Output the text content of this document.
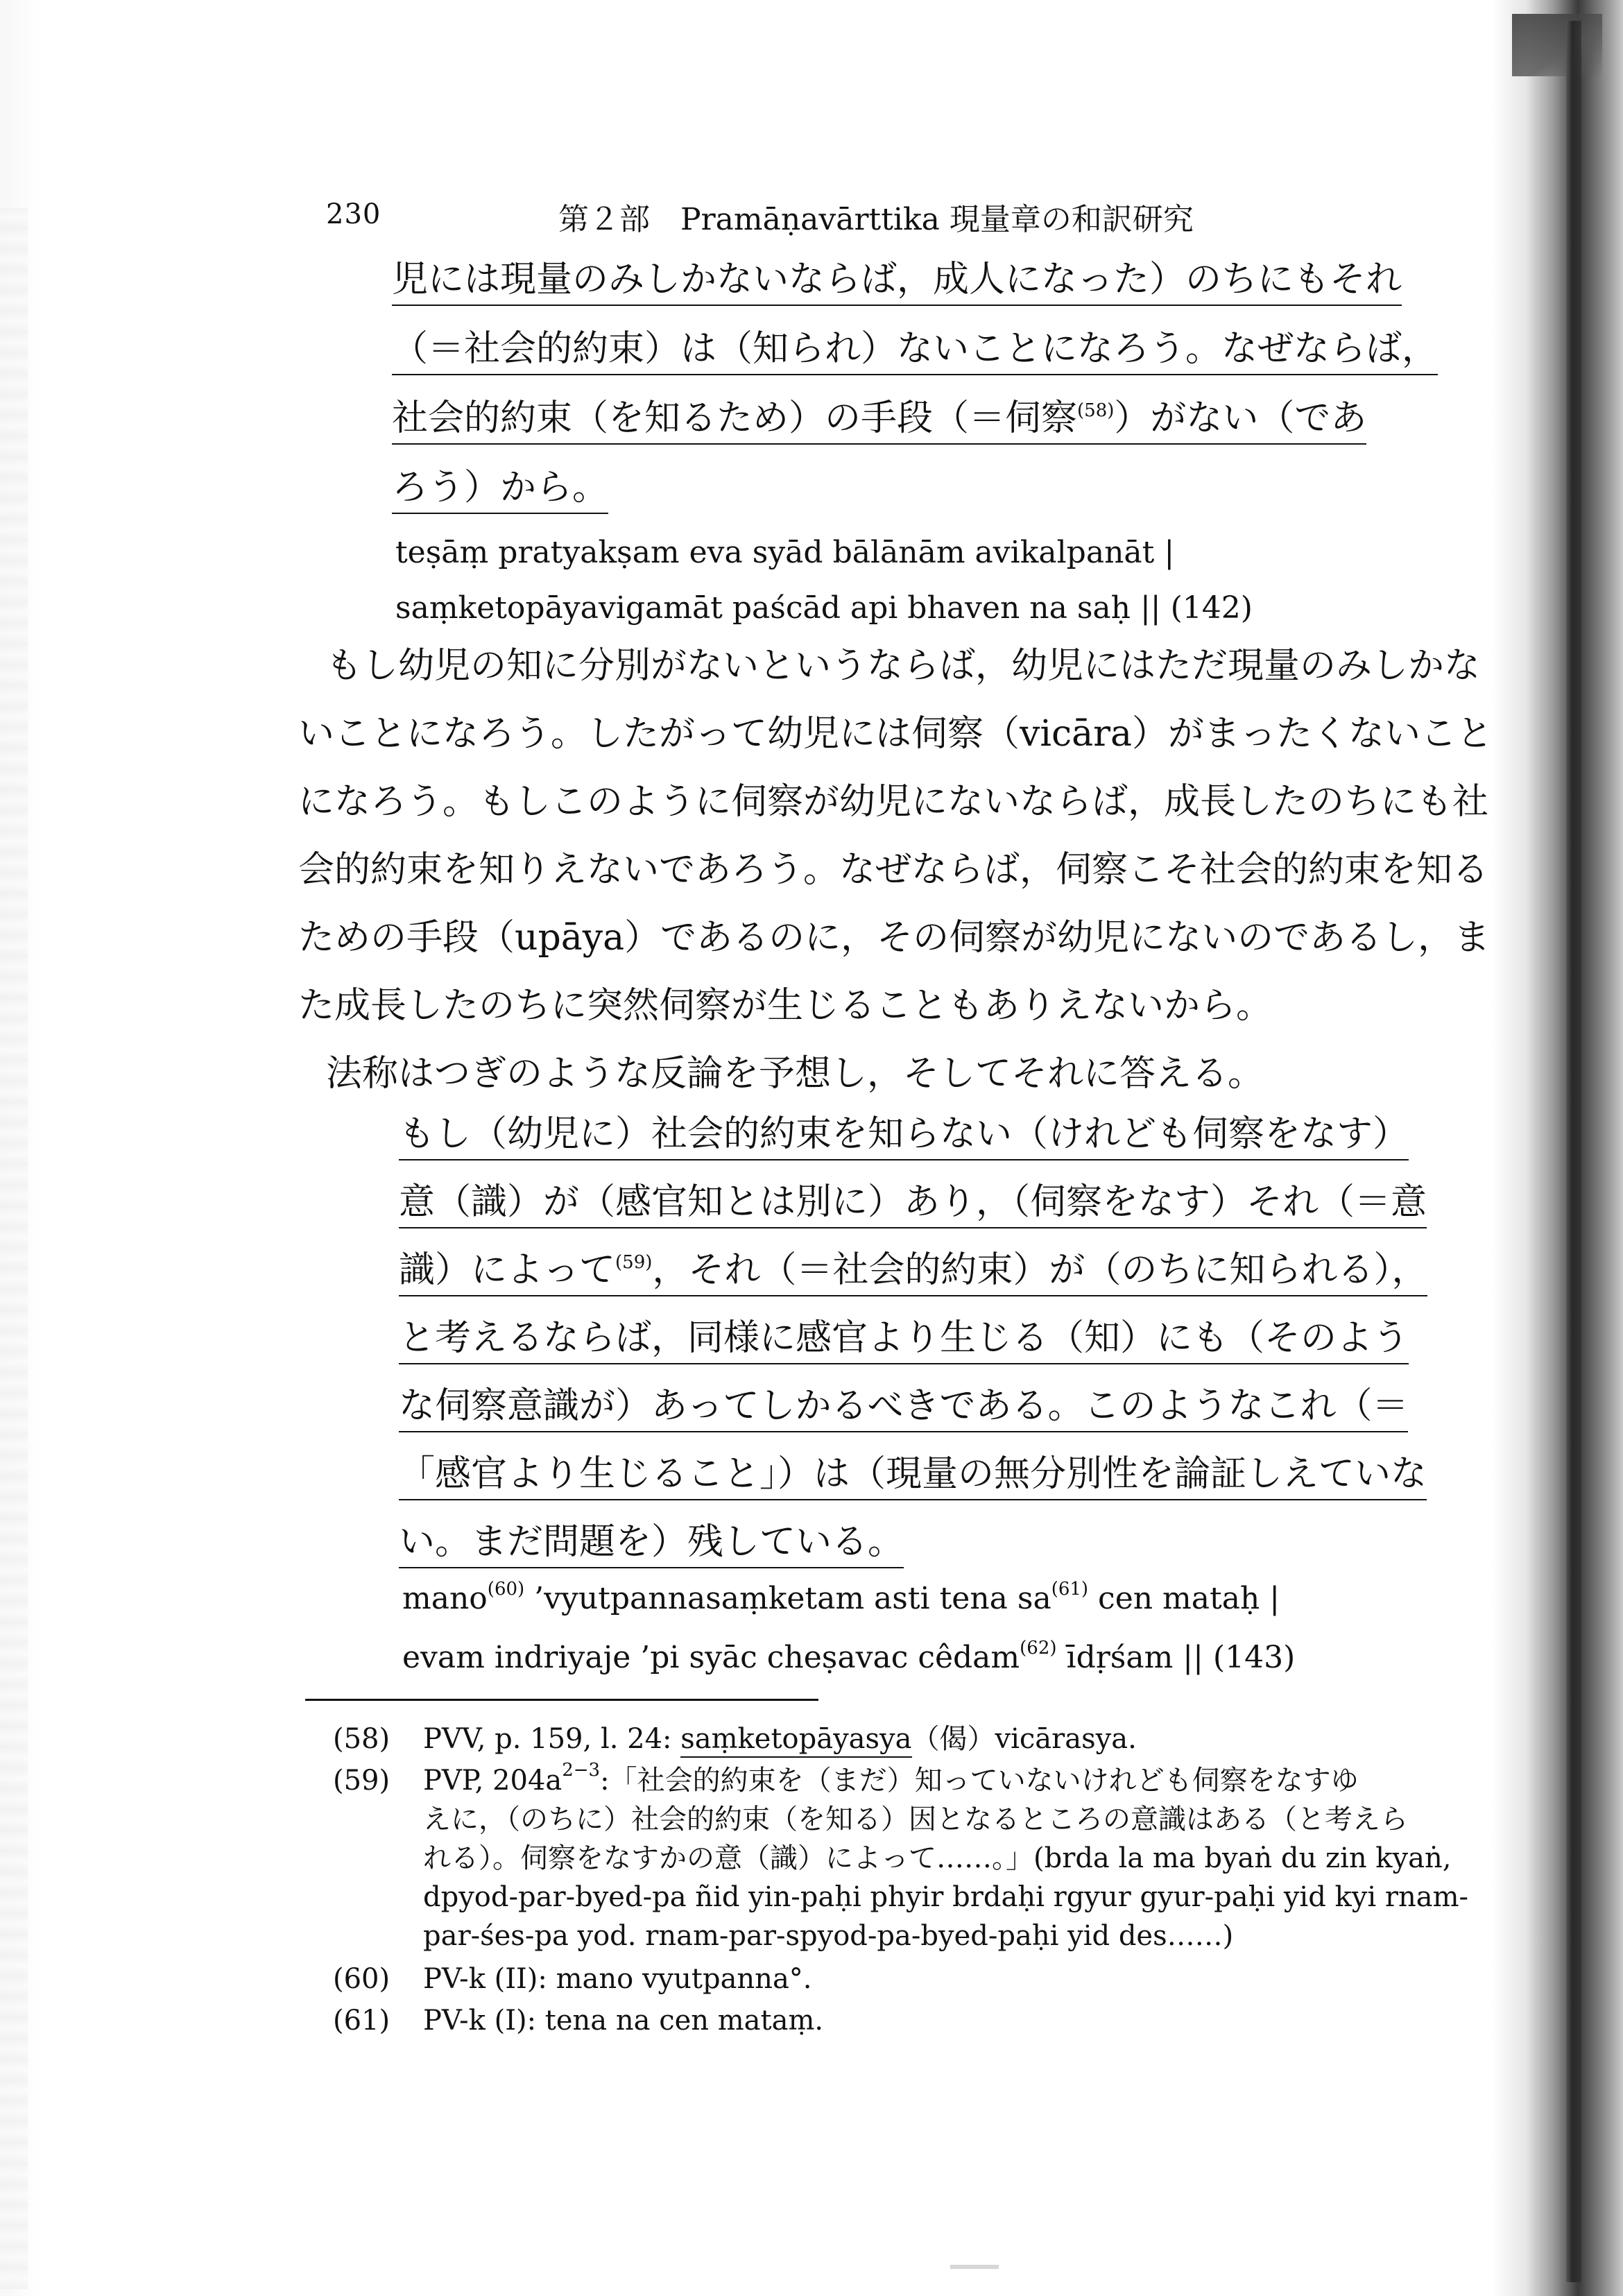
230	第２部　Pramāṇavārttika 現量章の和訳研究
児には現量のみしかないならば，成人になった）のちにもそれ
（＝社会的約束）は（知られ）ないことになろう。なぜならば，
社会的約束（を知るため）の手段（＝伺察$^{(58)}$）がない（であ
ろう）から。
teṣāṃ pratyakṣam eva syād bālānām avikalpanāt |
saṃketopāyavigamāt paścād api bhaven na saḥ || (142)
もし幼児の知に分別がないというならば，幼児にはただ現量のみしかな
いことになろう。したがって幼児には伺察（vicāra）がまったくないこと
になろう。もしこのように伺察が幼児にないならば，成長したのちにも社
会的約束を知りえないであろう。なぜならば，伺察こそ社会的約束を知る
ための手段（upāya）であるのに，その伺察が幼児にないのであるし，ま
た成長したのちに突然伺察が生じることもありえないから。
法称はつぎのような反論を予想し，そしてそれに答える。
もし（幼児に）社会的約束を知らない（けれども伺察をなす）
意（識）が（感官知とは別に）あり，（伺察をなす）それ（＝意
識）によって$^{(59)}$，それ（＝社会的約束）が（のちに知られる），
と考えるならば，同様に感官より生じる（知）にも（そのよう
な伺察意識が）あってしかるべきである。このようなこれ（＝
「感官より生じること」）は（現量の無分別性を論証しえていな
い。まだ問題を）残している。
mano$^{(60)}$ ’vyutpannasaṃketam asti tena $sa^{(61)}$ cen mataḥ |
evam indriyaje ’pi syāc cheṣavac cêdam$^{(62)}$ īdṛśam || (143)
(58) PVV, p. 159, l. 24: saṃketopāyasya（偈）vicārasya.
(59) PVP, $204a^{2-3}$:「社会的約束を（まだ）知っていないけれども伺察をなすゆ
えに，（のちに）社会的約束（を知る）因となるところの意識はある（と考えら
れる）。伺察をなすかの意（識）によって……。」(brda la ma byaṅ du zin kyaṅ,
dpyod-par-byed-pa ñid yin-paḥi phyir brdaḥi rgyur gyur-paḥi yid kyi rnam-
par-śes-pa yod. rnam-par-spyod-pa-byed-paḥi yid des……)
(60) PV-k (II): mano vyutpanna°.
(61) PV-k (I): tena na cen mataṃ.
